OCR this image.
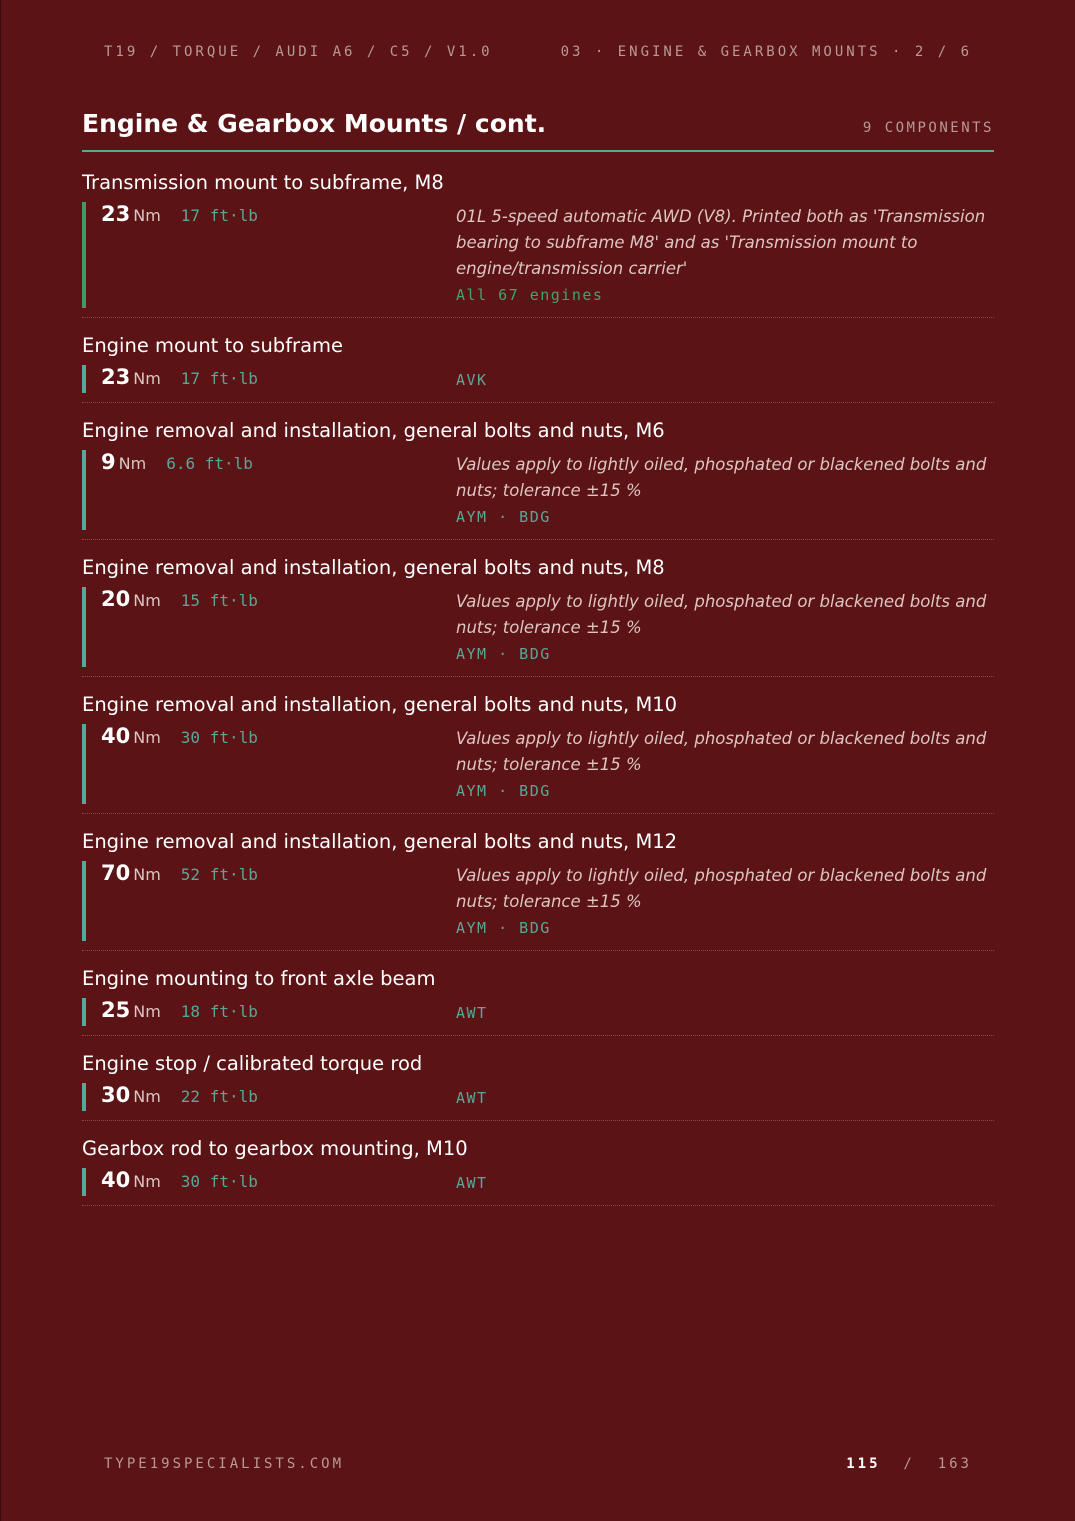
T19 / TORQUE / AUDI A6 / C5 / V1.0	03 · ENGINE & GEARBOX MOUNTS · 2 / 6
Engine & Gearbox Mounts / cont.	9 COMPONENTS
Transmission mount to subframe, M8
23 Nm 17 ft·lb	01L 5-speed automatic AWD (V8). Printed both as 'Transmission bearing to subframe M8' and as 'Transmission mount to engine/transmission carrier'
All 67 engines
Engine mount to subframe
23 Nm 17 ft·lb	AVK
Engine removal and installation, general bolts and nuts, M6
9 Nm 6.6 ft·lb	Values apply to lightly oiled, phosphated or blackened bolts and nuts; tolerance ±15 %
AYM · BDG
Engine removal and installation, general bolts and nuts, M8
20 Nm 15 ft·lb	Values apply to lightly oiled, phosphated or blackened bolts and nuts; tolerance ±15 %
AYM · BDG
Engine removal and installation, general bolts and nuts, M10
40 Nm 30 ft·lb	Values apply to lightly oiled, phosphated or blackened bolts and nuts; tolerance ±15 %
AYM · BDG
Engine removal and installation, general bolts and nuts, M12
70 Nm 52 ft·lb	Values apply to lightly oiled, phosphated or blackened bolts and nuts; tolerance ±15 %
AYM · BDG
Engine mounting to front axle beam
25 Nm 18 ft·lb	AWT
Engine stop / calibrated torque rod
30 Nm 22 ft·lb	AWT
Gearbox rod to gearbox mounting, M10
40 Nm 30 ft·lb	AWT
TYPE19SPECIALISTS.COM	115 / 163
